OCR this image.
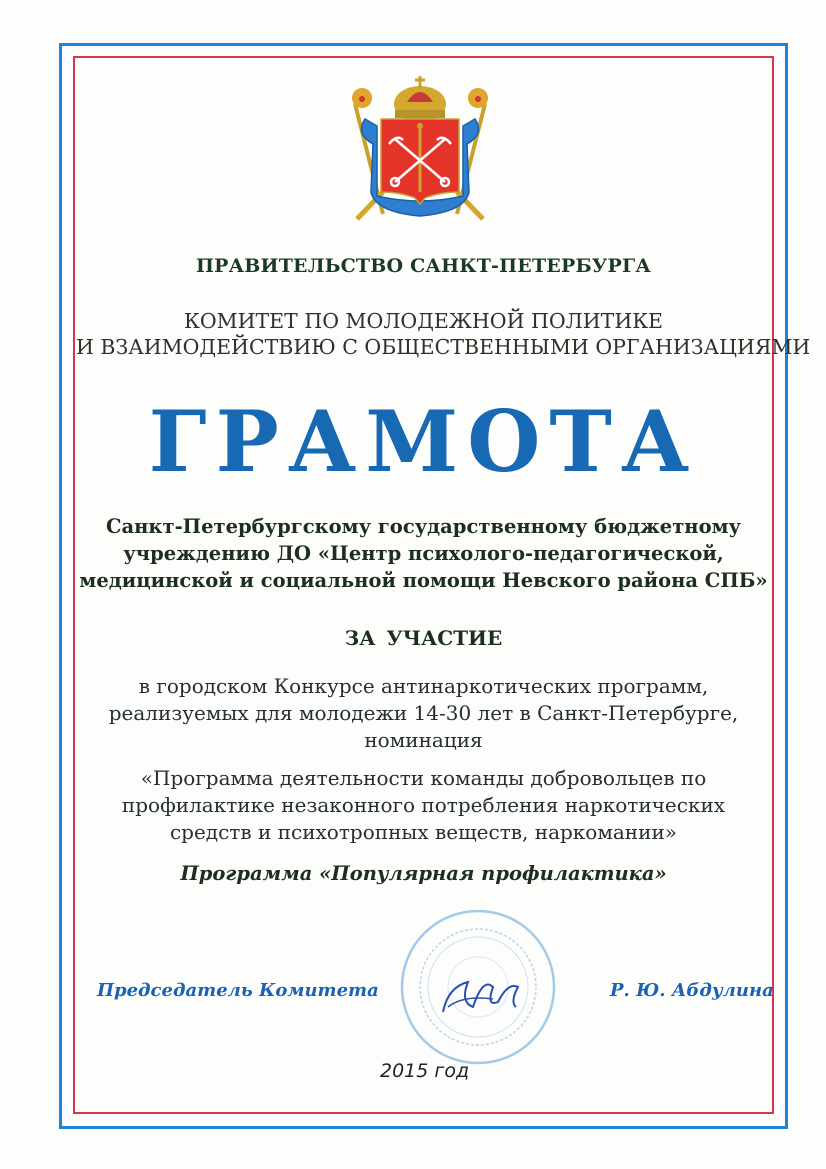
ПРАВИТЕЛЬСТВО САНКТ-ПЕТЕРБУРГА
КОМИТЕТ ПО МОЛОДЕЖНОЙ ПОЛИТИКЕ
И ВЗАИМОДЕЙСТВИЮ С ОБЩЕСТВЕННЫМИ ОРГАНИЗАЦИЯМИ
ГРАМОТА
Санкт-Петербургскому государственному бюджетному
учреждению ДО «Центр психолого-педагогической,
медицинской и социальной помощи Невского района СПБ»
ЗА УЧАСТИЕ
в городском Конкурсе антинаркотических программ,
реализуемых для молодежи 14-30 лет в Санкт-Петербурге,
номинация
«Программа деятельности команды добровольцев по
профилактике незаконного потребления наркотических
средств и психотропных веществ, наркомании»
Программа «Популярная профилактика»
Председатель Комитета	Р. Ю. Абдулина
2015 год
